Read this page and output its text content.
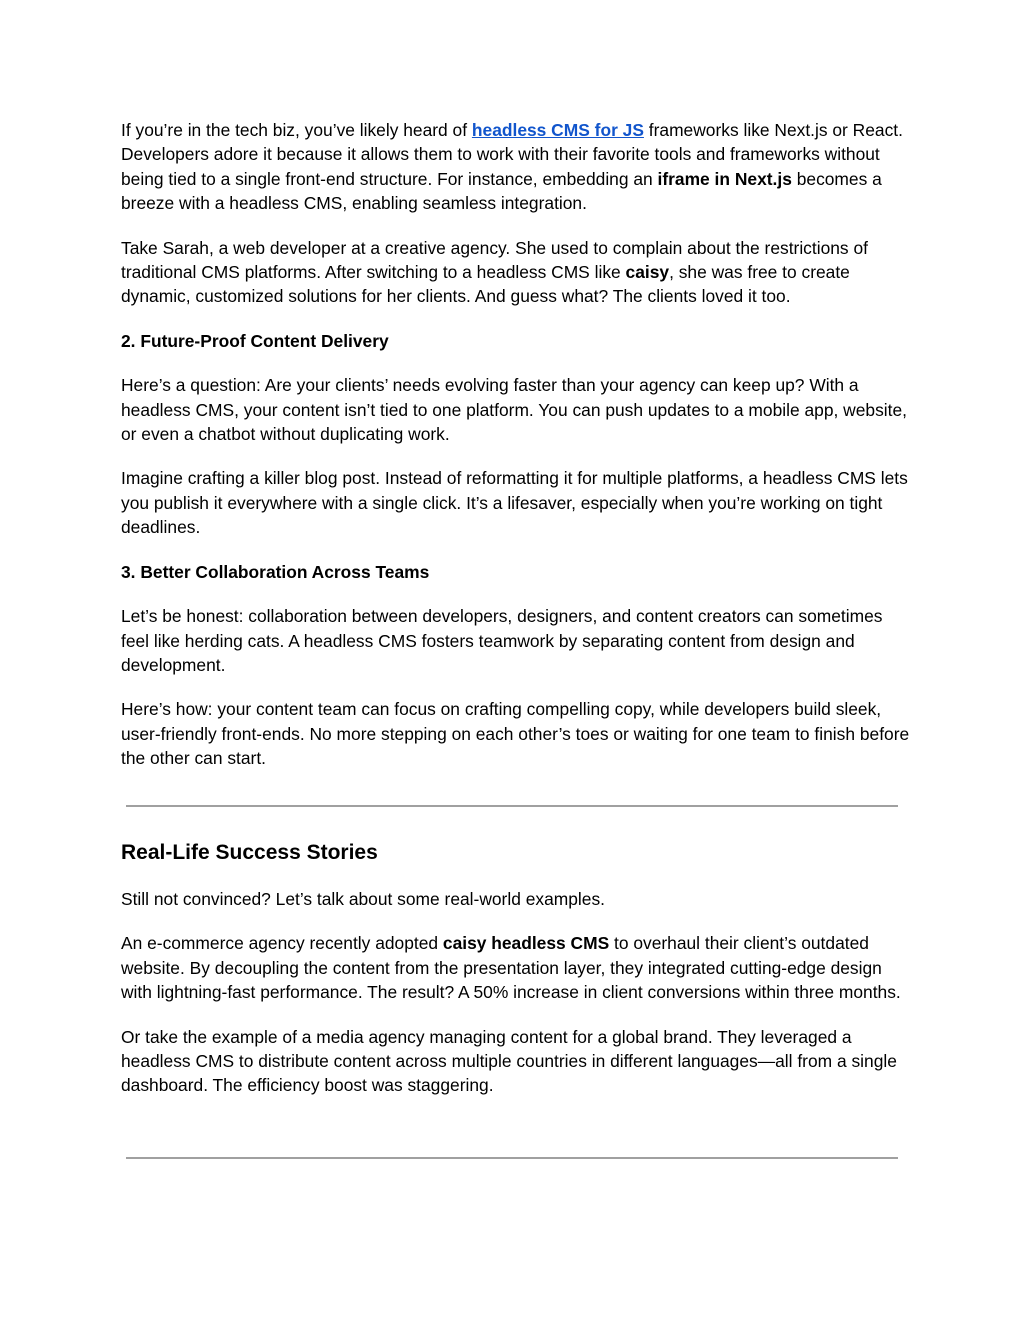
If you’re in the tech biz, you’ve likely heard of headless CMS for JS frameworks like Next.js or React. Developers adore it because it allows them to work with their favorite tools and frameworks without being tied to a single front-end structure. For instance, embedding an iframe in Next.js becomes a breeze with a headless CMS, enabling seamless integration.

Take Sarah, a web developer at a creative agency. She used to complain about the restrictions of traditional CMS platforms. After switching to a headless CMS like caisy, she was free to create dynamic, customized solutions for her clients. And guess what? The clients loved it too.

2. Future-Proof Content Delivery

Here’s a question: Are your clients’ needs evolving faster than your agency can keep up? With a headless CMS, your content isn’t tied to one platform. You can push updates to a mobile app, website, or even a chatbot without duplicating work.

Imagine crafting a killer blog post. Instead of reformatting it for multiple platforms, a headless CMS lets you publish it everywhere with a single click. It’s a lifesaver, especially when you’re working on tight deadlines.

3. Better Collaboration Across Teams

Let’s be honest: collaboration between developers, designers, and content creators can sometimes feel like herding cats. A headless CMS fosters teamwork by separating content from design and development.

Here’s how: your content team can focus on crafting compelling copy, while developers build sleek, user-friendly front-ends. No more stepping on each other’s toes or waiting for one team to finish before the other can start.

Real-Life Success Stories

Still not convinced? Let’s talk about some real-world examples.

An e-commerce agency recently adopted caisy headless CMS to overhaul their client’s outdated website. By decoupling the content from the presentation layer, they integrated cutting-edge design with lightning-fast performance. The result? A 50% increase in client conversions within three months.

Or take the example of a media agency managing content for a global brand. They leveraged a headless CMS to distribute content across multiple countries in different languages—all from a single dashboard. The efficiency boost was staggering.
